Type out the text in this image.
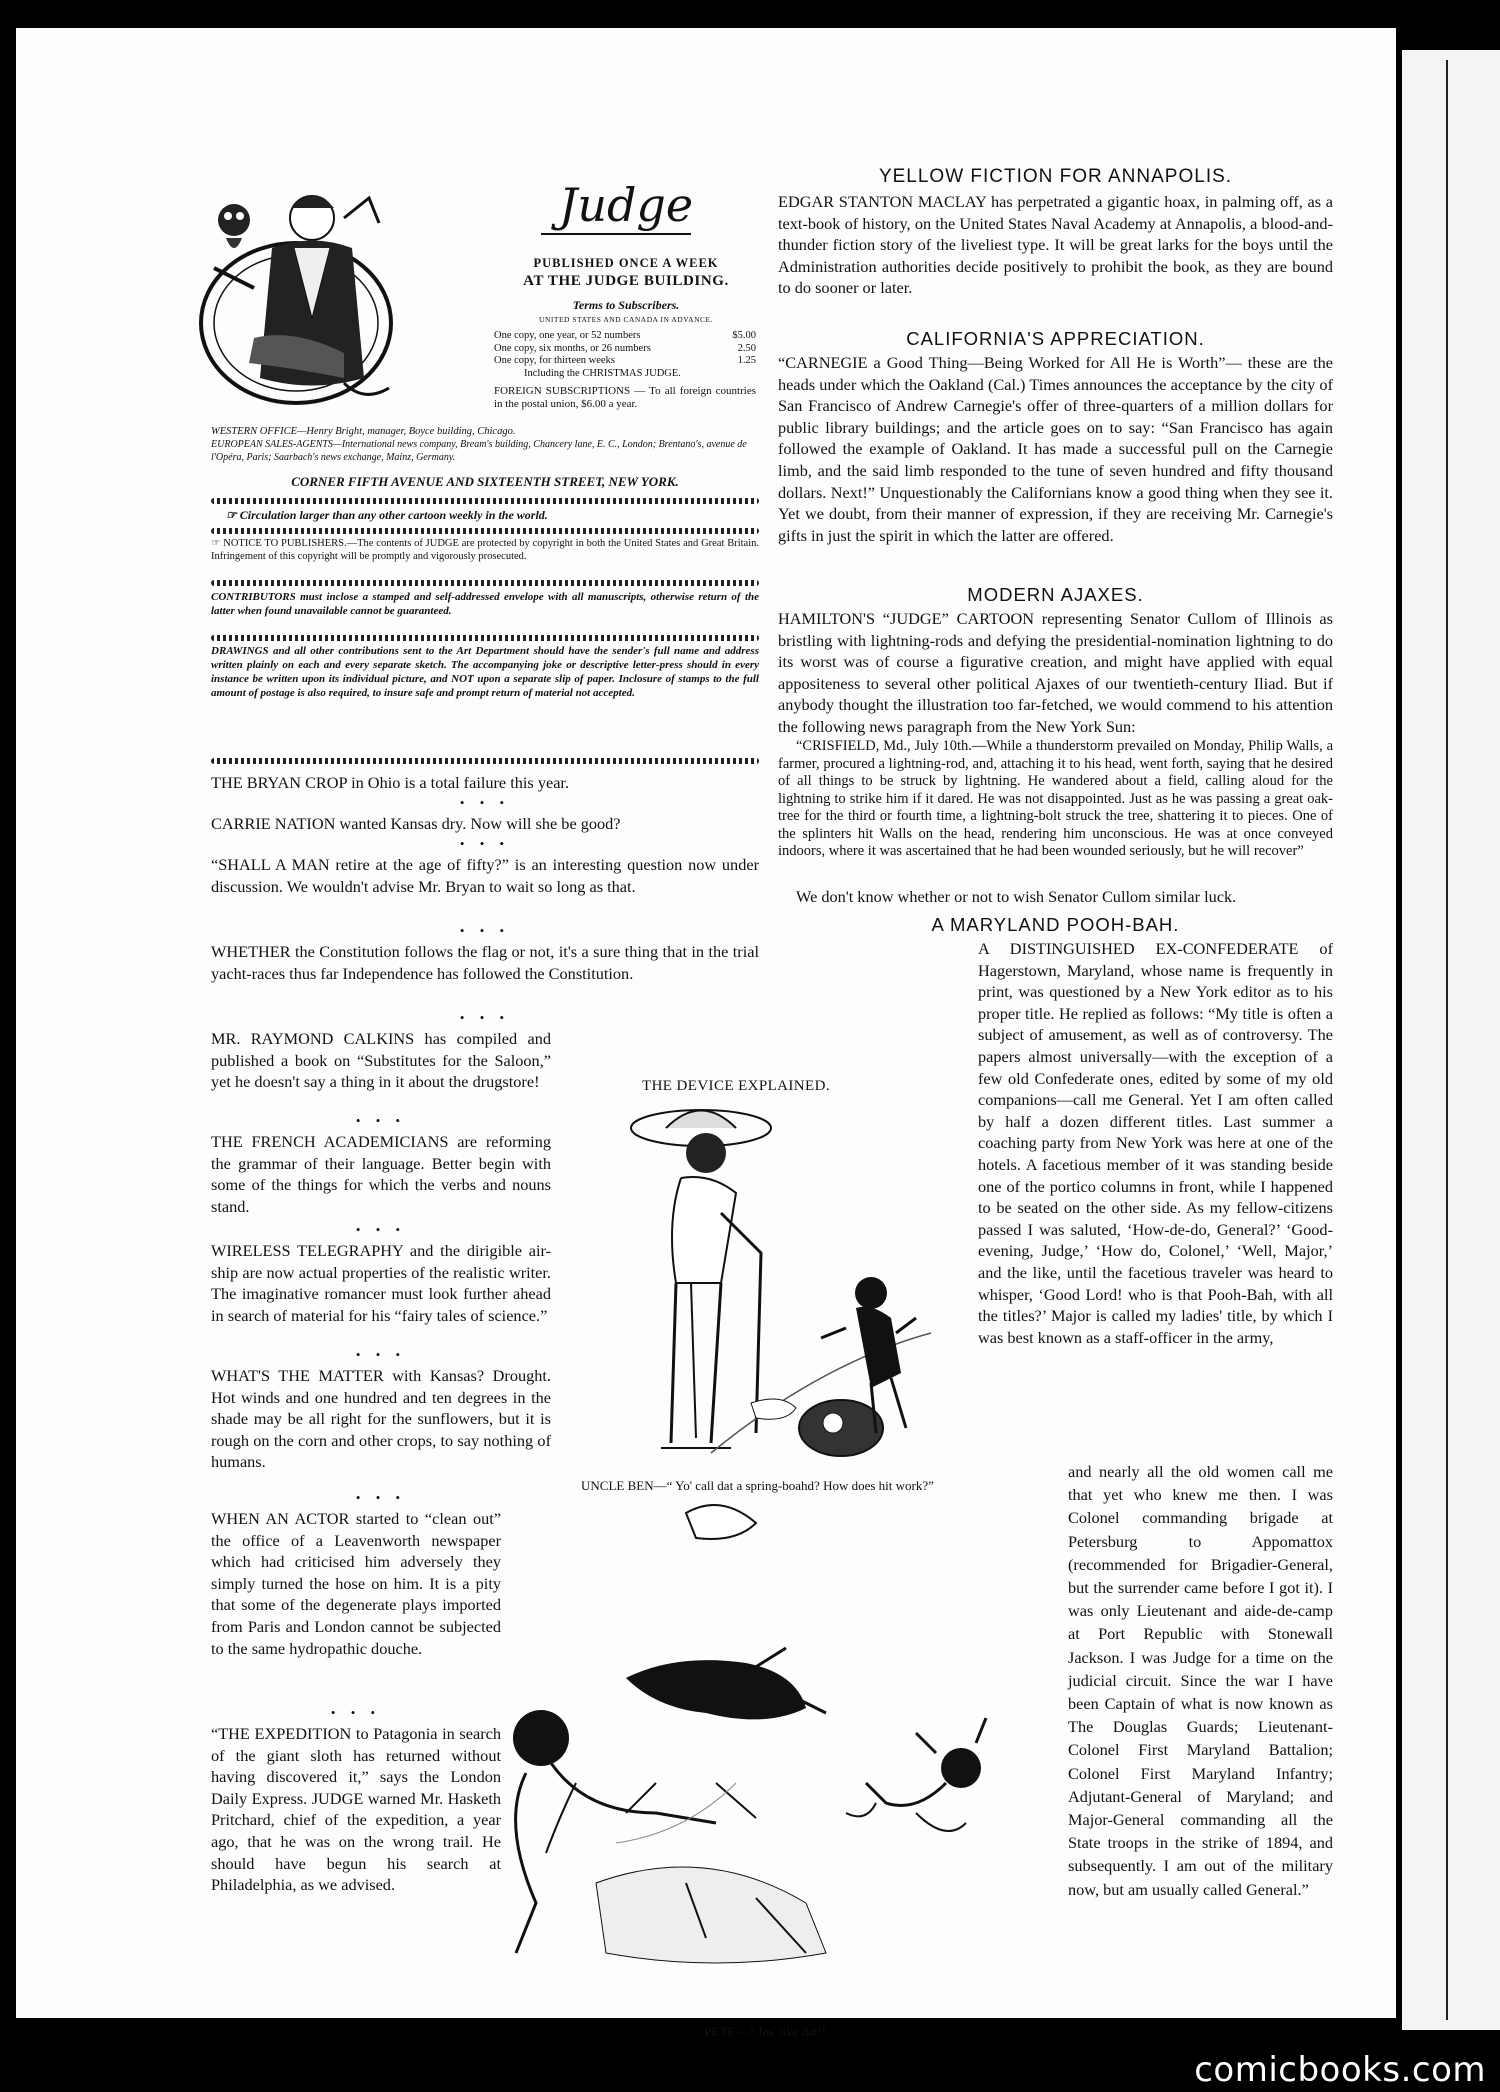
Judge
PUBLISHED ONCE A WEEK
AT THE JUDGE BUILDING.
Terms to Subscribers.
UNITED STATES AND CANADA IN ADVANCE.
One copy, one year, or 52 numbers	$5.00
One copy, six months, or 26 numbers	2.50
One copy, for thirteen weeks	1.25
Including the CHRISTMAS JUDGE.
FOREIGN SUBSCRIPTIONS — To all foreign countries in the postal union, $6.00 a year.
WESTERN OFFICE—Henry Bright, manager, Boyce building, Chicago.
EUROPEAN SALES-AGENTS—International news company, Bream's building, Chancery lane, E. C., London; Brentano's, avenue de l'Opéra, Paris; Saarbach's news exchange, Mainz, Germany.
CORNER FIFTH AVENUE AND SIXTEENTH STREET, NEW YORK.
☞ Circulation larger than any other cartoon weekly in the world.
☞ NOTICE TO PUBLISHERS.—The contents of JUDGE are protected by copyright in both the United States and Great Britain. Infringement of this copyright will be promptly and vigorously prosecuted.
CONTRIBUTORS must inclose a stamped and self-addressed envelope with all manuscripts, otherwise return of the latter when found unavailable cannot be guaranteed.
DRAWINGS and all other contributions sent to the Art Department should have the sender's full name and address written plainly on each and every separate sketch. The accompanying joke or descriptive letter-press should in every instance be written upon its individual picture, and NOT upon a separate slip of paper. Inclosure of stamps to the full amount of postage is also required, to insure safe and prompt return of material not accepted.

THE BRYAN CROP in Ohio is a total failure this year.

• • •

CARRIE NATION wanted Kansas dry. Now will she be good?

• • •

“SHALL A MAN retire at the age of fifty?” is an interesting question now under discussion. We wouldn't advise Mr. Bryan to wait so long as that.

• • •

WHETHER the Constitution follows the flag or not, it's a sure thing that in the trial yacht-races thus far Independence has followed the Constitution.

• • •

MR. RAYMOND CALKINS has compiled and published a book on “Substitutes for the Saloon,” yet he doesn't say a thing in it about the drugstore!

• • •

THE FRENCH ACADEMICIANS are reforming the grammar of their language. Better begin with some of the things for which the verbs and nouns stand.

• • •

WIRELESS TELEGRAPHY and the dirigible air-ship are now actual properties of the realistic writer. The imaginative romancer must look further ahead in search of material for his “fairy tales of science.”

• • •

WHAT'S THE MATTER with Kansas? Drought. Hot winds and one hundred and ten degrees in the shade may be all right for the sunflowers, but it is rough on the corn and other crops, to say nothing of humans.

• • •

WHEN AN ACTOR started to “clean out” the office of a Leavenworth newspaper which had criticised him adversely they simply turned the hose on him. It is a pity that some of the degenerate plays imported from Paris and London cannot be subjected to the same hydropathic douche.

• • •

“THE EXPEDITION to Patagonia in search of the giant sloth has returned without having discovered it,” says the London Daily Express. JUDGE warned Mr. Hasketh Pritchard, chief of the expedition, a year ago, that he was on the wrong trail. He should have begun his search at Philadelphia, as we advised.

THE DEVICE EXPLAINED.

UNCLE BEN—“ Yo' call dat a spring-boahd? How does hit work?”

PETE—“ Jes' like dat!”

YELLOW FICTION FOR ANNAPOLIS.

EDGAR STANTON MACLAY has perpetrated a gigantic hoax, in palming off, as a text-book of history, on the United States Naval Academy at Annapolis, a blood-and-thunder fiction story of the liveliest type. It will be great larks for the boys until the Administration authorities decide positively to prohibit the book, as they are bound to do sooner or later.

CALIFORNIA'S APPRECIATION.

“CARNEGIE a Good Thing—Being Worked for All He is Worth”— these are the heads under which the Oakland (Cal.) Times announces the acceptance by the city of San Francisco of Andrew Carnegie's offer of three-quarters of a million dollars for public library buildings; and the article goes on to say: “San Francisco has again followed the example of Oakland. It has made a successful pull on the Carnegie limb, and the said limb responded to the tune of seven hundred and fifty thousand dollars. Next!” Unquestionably the Californians know a good thing when they see it. Yet we doubt, from their manner of expression, if they are receiving Mr. Carnegie's gifts in just the spirit in which the latter are offered.

MODERN AJAXES.

HAMILTON'S “JUDGE” CARTOON representing Senator Cullom of Illinois as bristling with lightning-rods and defying the presidential-nomination lightning to do its worst was of course a figurative creation, and might have applied with equal appositeness to several other political Ajaxes of our twentieth-century Iliad. But if anybody thought the illustration too far-fetched, we would commend to his attention the following news paragraph from the New York Sun:

“CRISFIELD, Md., July 10th.—While a thunderstorm prevailed on Monday, Philip Walls, a farmer, procured a lightning-rod, and, attaching it to his head, went forth, saying that he desired of all things to be struck by lightning. He wandered about a field, calling aloud for the lightning to strike him if it dared. He was not disappointed. Just as he was passing a great oak-tree for the third or fourth time, a lightning-bolt struck the tree, shattering it to pieces. One of the splinters hit Walls on the head, rendering him unconscious. He was at once conveyed indoors, where it was ascertained that he had been wounded seriously, but he will recover”

We don't know whether or not to wish Senator Cullom similar luck.

A MARYLAND POOH-BAH.

A DISTINGUISHED EX-CONFEDERATE of Hagerstown, Maryland, whose name is frequently in print, was questioned by a New York editor as to his proper title. He replied as follows: “My title is often a subject of amusement, as well as of controversy. The papers almost universally—with the exception of a few old Confederate ones, edited by some of my old companions—call me General. Yet I am often called by half a dozen different titles. Last summer a coaching party from New York was here at one of the hotels. A facetious member of it was standing beside one of the portico columns in front, while I happened to be seated on the other side. As my fellow-citizens passed I was saluted, ‘How-de-do, General?’ ‘Good-evening, Judge,’ ‘How do, Colonel,’ ‘Well, Major,’ and the like, until the facetious traveler was heard to whisper, ‘Good Lord! who is that Pooh-Bah, with all the titles?’ Major is called my ladies' title, by which I was best known as a staff-officer in the army,

and nearly all the old women call me that yet who knew me then. I was Colonel commanding brigade at Petersburg to Appomattox (recommended for Brigadier-General, but the surrender came before I got it). I was only Lieutenant and aide-de-camp at Port Republic with Stonewall Jackson. I was Judge for a time on the judicial circuit. Since the war I have been Captain of what is now known as The Douglas Guards; Lieutenant-Colonel First Maryland Battalion; Colonel First Maryland Infantry; Adjutant-General of Maryland; and Major-General commanding all the State troops in the strike of 1894, and subsequently. I am out of the military now, but am usually called General.”

comicbooks.com
